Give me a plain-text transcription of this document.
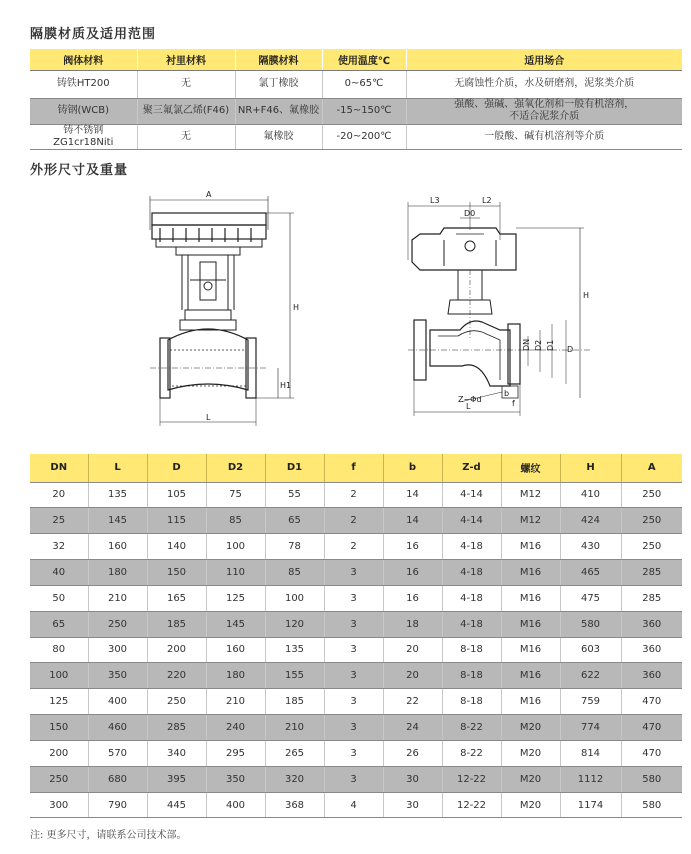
隔膜材质及适用范围
阀体材料	衬里材料	隔膜材料	使用温度℃	适用场合
铸铁HT200	无	氯丁橡胶	0~65℃	无腐蚀性介质，水及研磨剂，泥浆类介质
铸钢(WCB)	聚三氟氯乙烯(F46)	NR+F46、氟橡胶	-15~150℃	强酸、强碱、强氧化剂和一般有机溶剂，
不适合泥浆介质

铸不锈钢
ZG1cr18Niti	无	氟橡胶	-20~200℃	一般酸、碱有机溶剂等介质
外形尺寸及重量
A
H
H1
L
L3	L2
D0
H
DN D2 D1 D
b
Z−Φd	f
L
DN	L	D	D2	D1	f	b	Z-d	螺纹	H	A
20	135	105	75	55	2	14	4-14	M12	410	250
25	145	115	85	65	2	14	4-14	M12	424	250
32	160	140	100	78	2	16	4-18	M16	430	250
40	180	150	110	85	3	16	4-18	M16	465	285
50	210	165	125	100	3	16	4-18	M16	475	285
65	250	185	145	120	3	18	4-18	M16	580	360
80	300	200	160	135	3	20	8-18	M16	603	360
100	350	220	180	155	3	20	8-18	M16	622	360
125	400	250	210	185	3	22	8-18	M16	759	470
150	460	285	240	210	3	24	8-22	M20	774	470
200	570	340	295	265	3	26	8-22	M20	814	470
250	680	395	350	320	3	30	12-22	M20	1112	580
300	790	445	400	368	4	30	12-22	M20	1174	580
注: 更多尺寸，请联系公司技术部。
